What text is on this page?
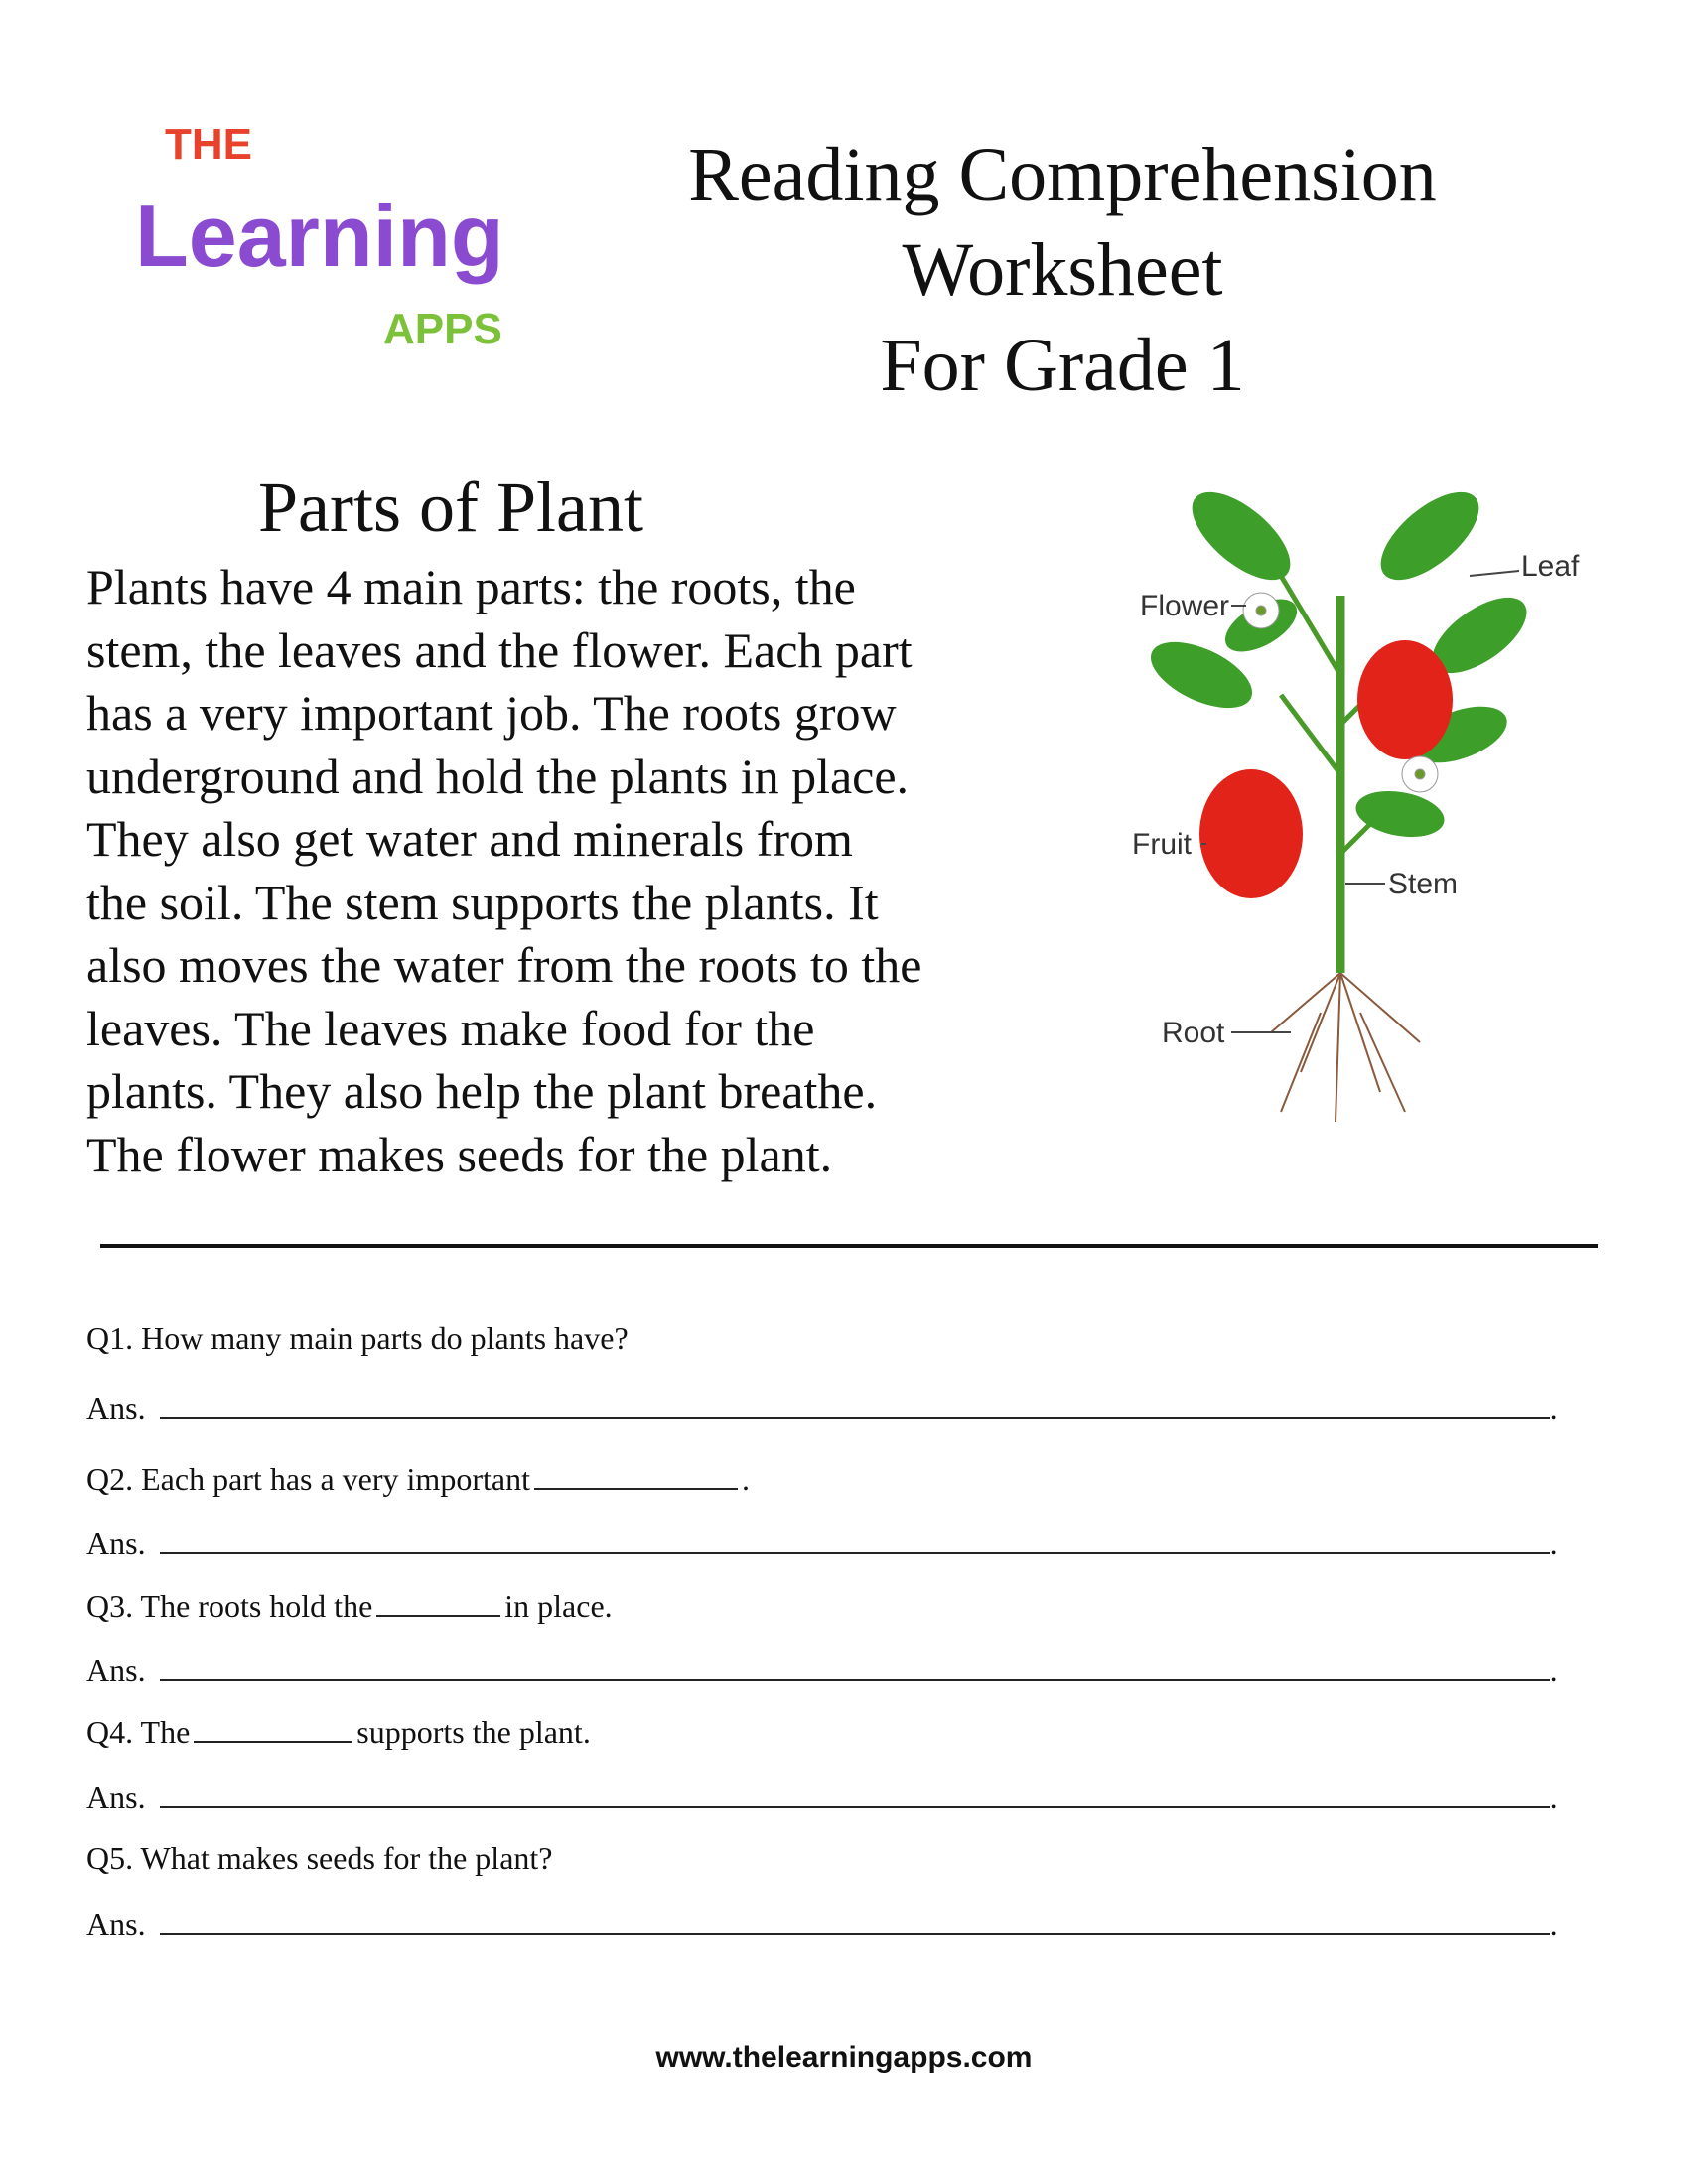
THE
Learning
APPS
Reading Comprehension
Worksheet
For Grade 1
Parts of Plant
Plants have 4 main parts: the roots, the
stem, the leaves and the flower. Each part
has a very important job. The roots grow
underground and hold the plants in place.
They also get water and minerals from
the soil. The stem supports the plants. It
also moves the water from the roots to the
leaves. The leaves make food for the
plants. They also help the plant breathe.
The flower makes seeds for the plant.
Flower
Leaf
Fruit
Stem
Root
Q1. How many main parts do plants have?
Ans.	.
Q2. Each part has a very important	.
Ans.	.
Q3. The roots hold the	in place.
Ans.	.
Q4. The	supports the plant.
Ans.	.
Q5. What makes seeds for the plant?
Ans.	.
www.thelearningapps.com
